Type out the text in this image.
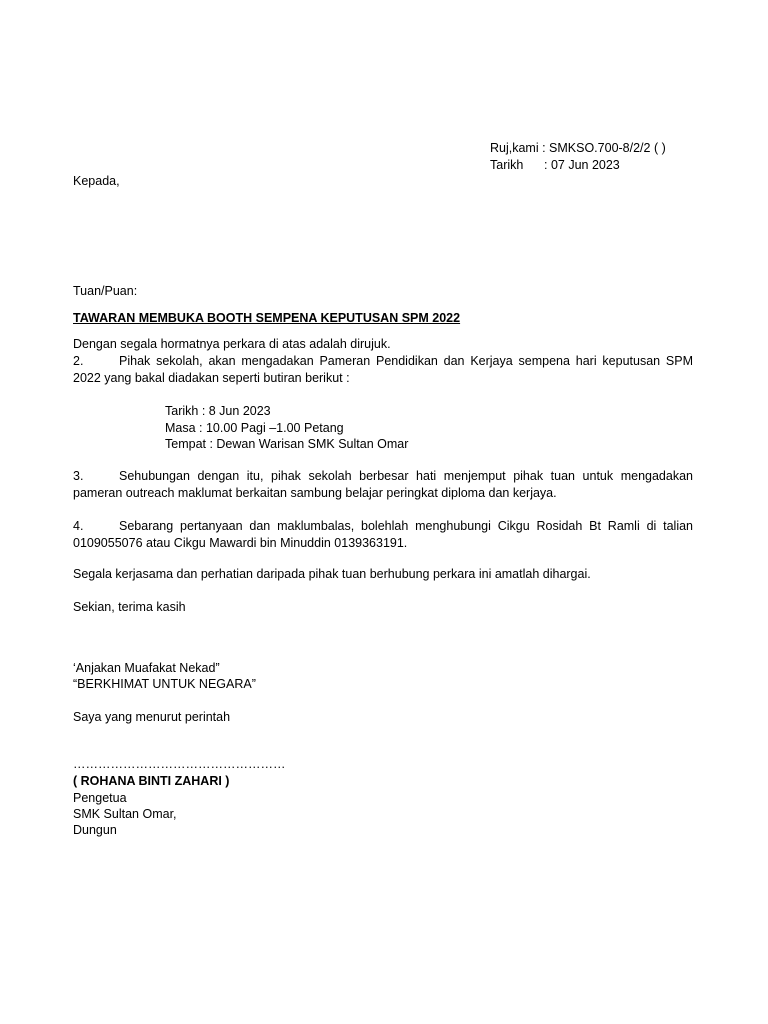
Ruj,kami : SMKSO.700-8/2/2 ( )
Tarikh : 07 Jun 2023
Kepada,
Tuan/Puan:
TAWARAN MEMBUKA BOOTH SEMPENA KEPUTUSAN SPM 2022
Dengan segala hormatnya perkara di atas adalah dirujuk.
2.	Pihak sekolah, akan mengadakan Pameran Pendidikan dan Kerjaya sempena hari keputusan SPM 2022 yang bakal diadakan seperti butiran berikut :
Tarikh : 8 Jun 2023
Masa : 10.00 Pagi –1.00 Petang
Tempat : Dewan Warisan SMK Sultan Omar
3.	Sehubungan dengan itu, pihak sekolah berbesar hati menjemput pihak tuan untuk mengadakan pameran outreach maklumat berkaitan sambung belajar peringkat diploma dan kerjaya.
4.	Sebarang pertanyaan dan maklumbalas, bolehlah menghubungi Cikgu Rosidah Bt Ramli di talian 0109055076 atau Cikgu Mawardi bin Minuddin 0139363191.
Segala kerjasama dan perhatian daripada pihak tuan berhubung perkara ini amatlah dihargai.
Sekian, terima kasih
‘Anjakan Muafakat Nekad”
“BERKHIMAT UNTUK NEGARA”
Saya yang menurut perintah
……………………………………………
( ROHANA BINTI ZAHARI )
Pengetua
SMK Sultan Omar,
Dungun
